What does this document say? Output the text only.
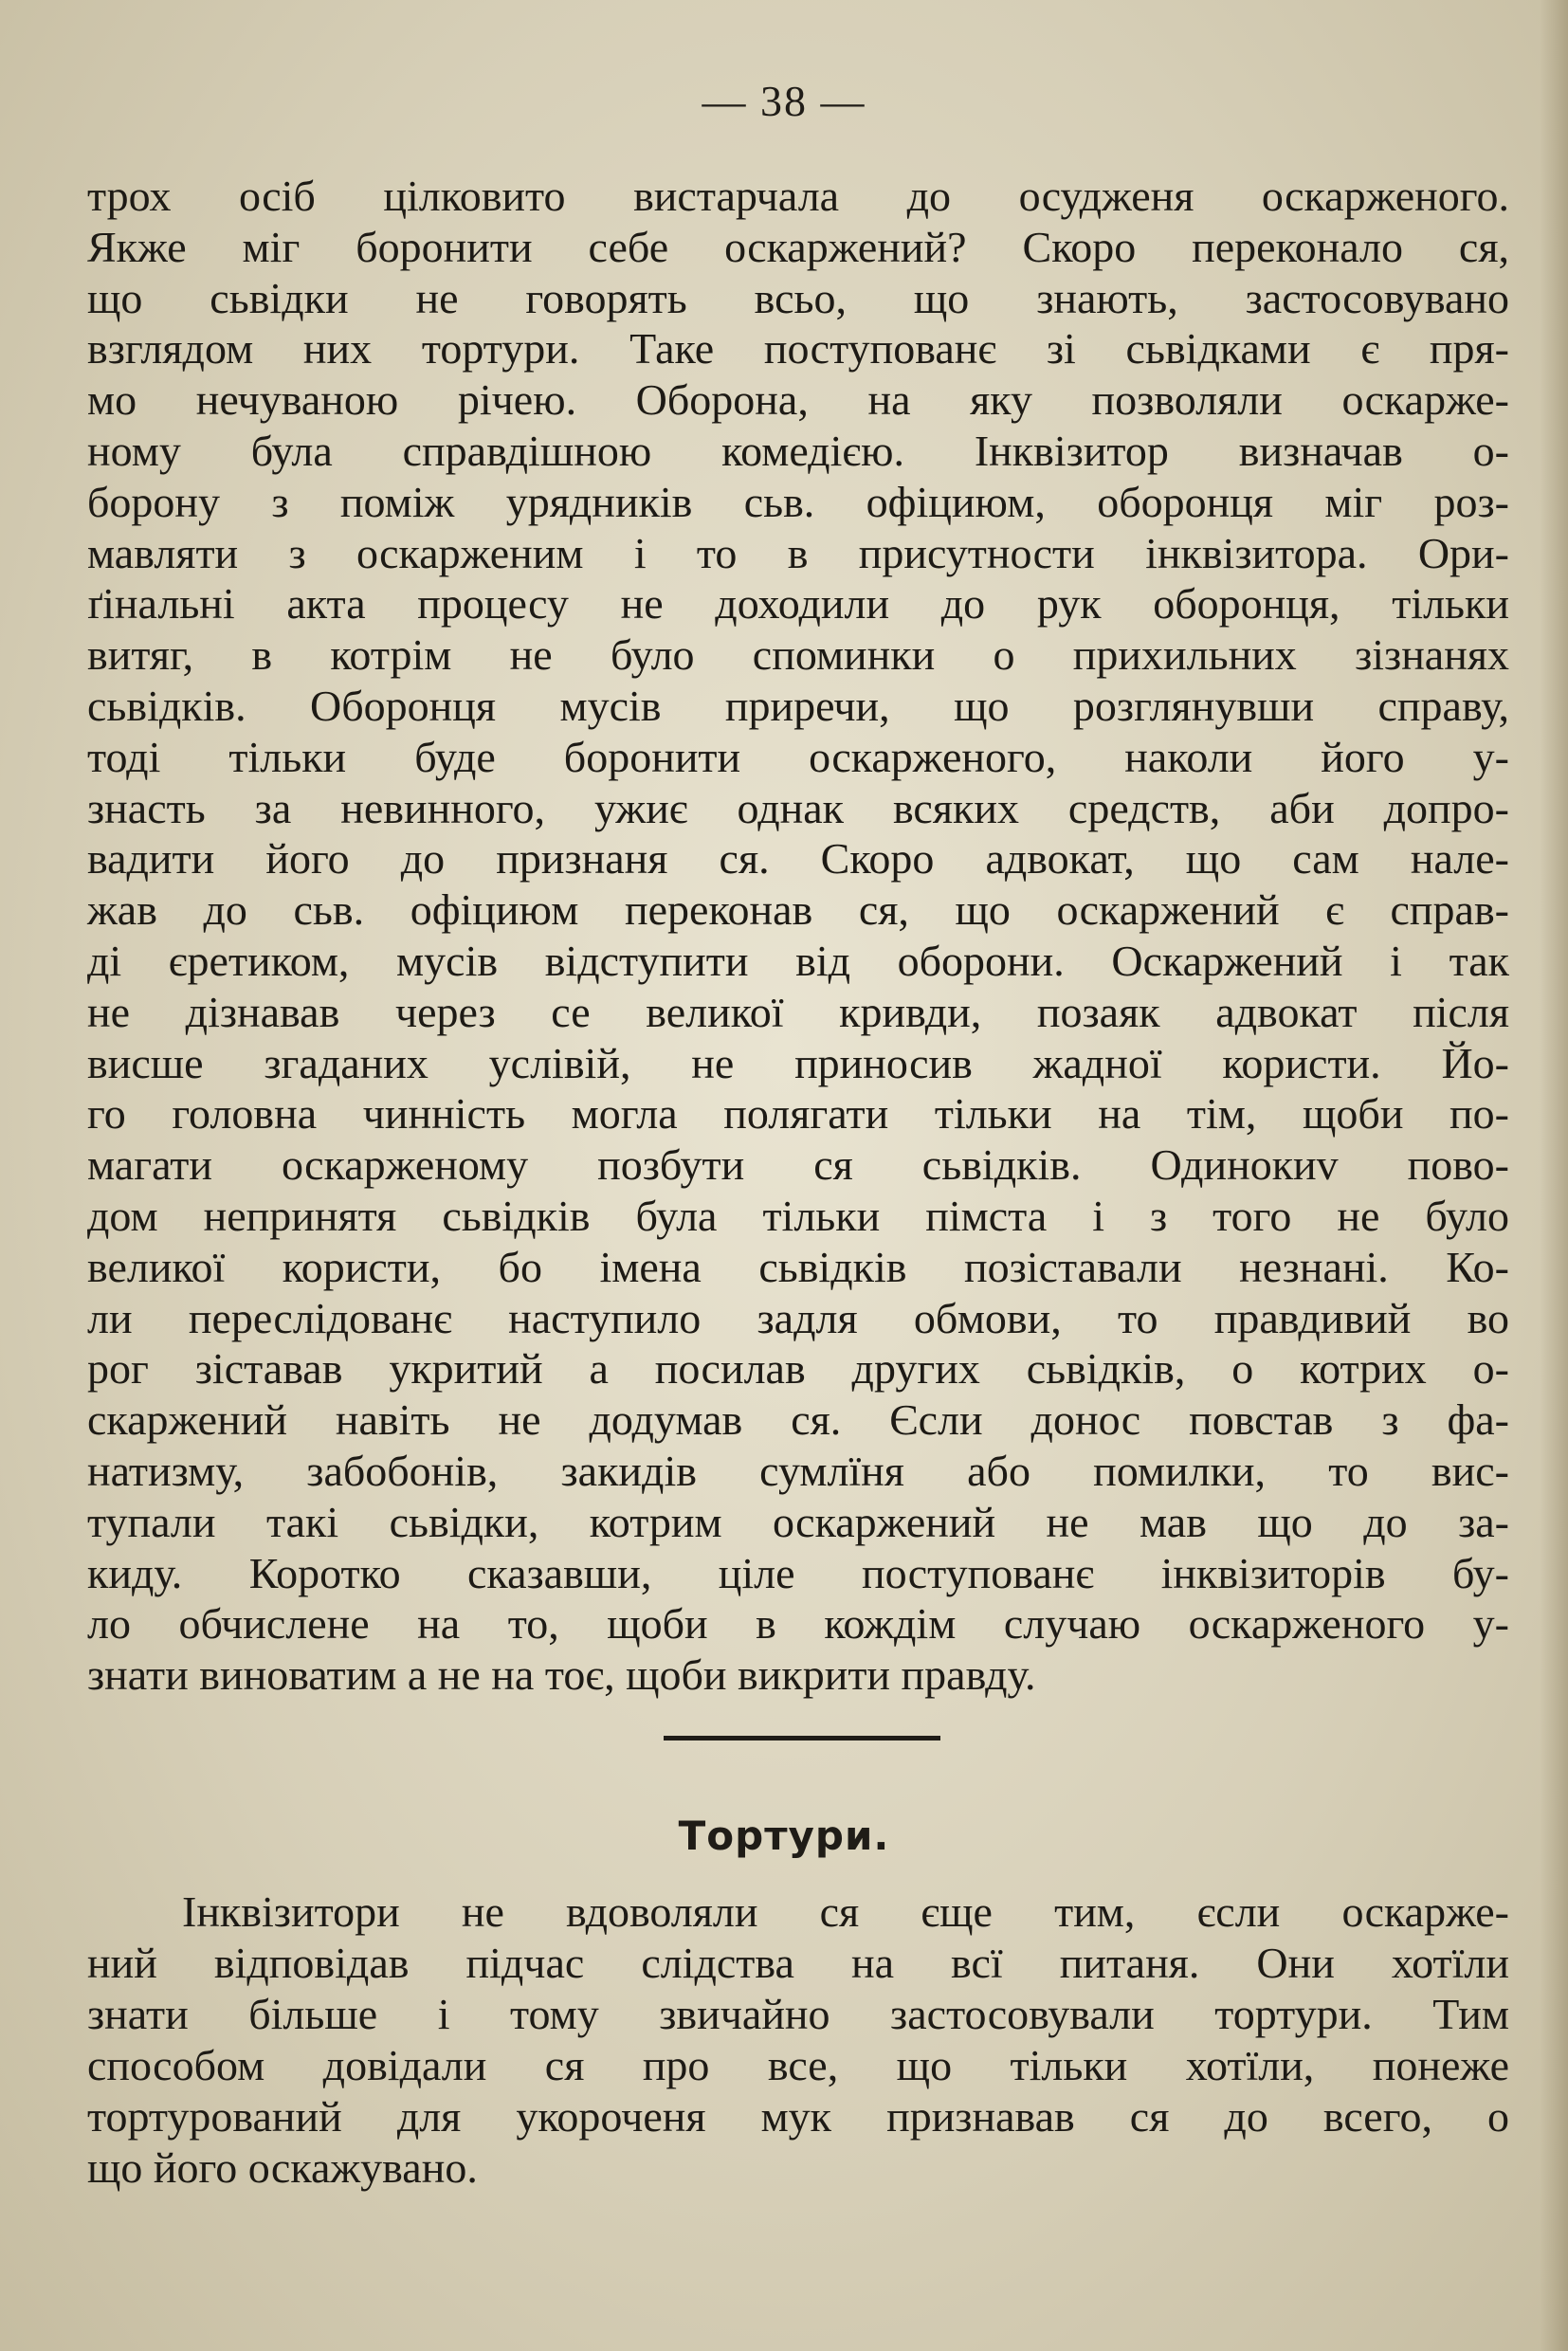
— 38 —
трох осіб цілковито вистарчала до осудженя оскарженого.
Якже міг боронити себе оскаржений? Скоро переконало ся,
що сьвідки не говорять всьо, що знають, застосовувано
взглядом них тортури. Таке поступованє зі сьвідками є пря-
мо нечуваною річею. Оборона, на яку позволяли оскарже-
ному була справдішною комедією. Інквізитор визначав о-
борону з поміж урядників сьв. офіциюм, оборонця міг роз-
мавляти з оскарженим і то в присутности інквізитора. Ори-
ґінальні акта процесу не доходили до рук оборонця, тільки
витяг, в котрім не було споминки о прихильних зізнанях
сьвідків. Оборонця мусів приречи, що розглянувши справу,
тоді тільки буде боронити оскарженого, наколи його у-
знасть за невинного, ужиє однак всяких средств, аби допро-
вадити його до признаня ся. Скоро адвокат, що сам нале-
жав до сьв. офіциюм переконав ся, що оскаржений є справ-
ді єретиком, мусів відступити від оборони. Оскаржений і так
не дізнавав через се великої кривди, позаяк адвокат після
висше згаданих услівій, не приносив жадної користи. Йо-
го головна чинність могла полягати тільки на тім, щоби по-
магати оскарженому позбути ся сьвідків. Одинокиv пово-
дом непринятя сьвідків була тільки пімста і з того не було
великої користи, бо імена сьвідків позіставали незнані. Ко-
ли переслідованє наступило задля обмови, то правдивий во
рог зіставав укритий а посилав других сьвідків, о котрих о-
скаржений навіть не додумав ся. Єсли донос повстав з фа-
натизму, забобонів, закидів сумлїня або помилки, то вис-
тупали такі сьвідки, котрим оскаржений не мав що до за-
киду. Коротко сказавши, ціле поступованє інквізиторів бу-
ло обчислене на то, щоби в кождім случаю оскарженого у-
знати виноватим а не на тоє, щоби викрити правду.
Тортури.
Інквізитори не вдоволяли ся єще тим, єсли оскарже-
ний відповідав підчас слідства на всї питаня. Они хотїли
знати більше і тому звичайно застосовували тортури. Тим
способом довідали ся про все, що тільки хотїли, понеже
тортурований для укороченя мук признавав ся до всего, о
що його оскажувано.
